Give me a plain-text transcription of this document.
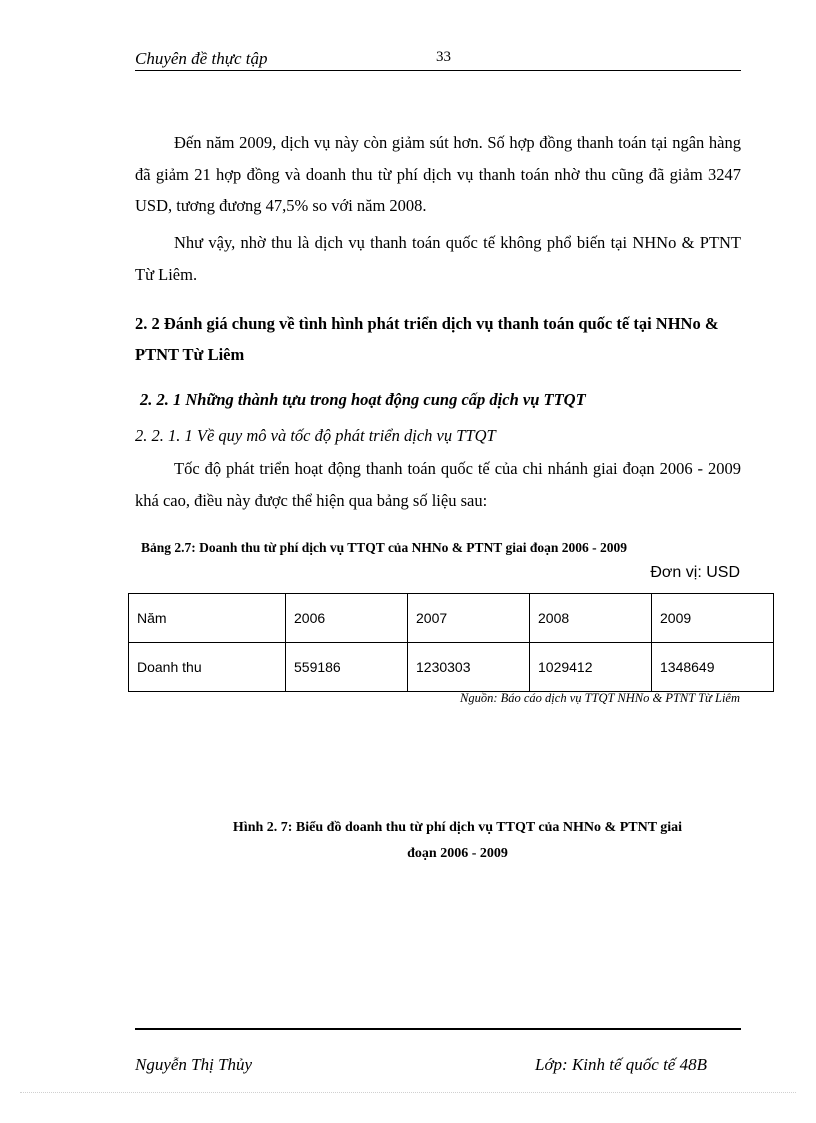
Chuyên đề thực tập	33

Đến năm 2009, dịch vụ này còn giảm sút hơn. Số hợp đồng thanh toán tại ngân hàng đã giảm 21 hợp đồng và doanh thu từ phí dịch vụ thanh toán nhờ thu cũng đã giảm 3247 USD, tương đương 47,5% so với năm 2008.

Như vậy, nhờ thu là dịch vụ thanh toán quốc tế không phổ biến tại NHNo & PTNT Từ Liêm.

2. 2 Đánh giá chung về tình hình phát triển dịch vụ thanh toán quốc tế tại NHNo & PTNT Từ Liêm
2. 2. 1 Những thành tựu trong hoạt động cung cấp dịch vụ TTQT
2. 2. 1. 1 Về quy mô và tốc độ phát triển dịch vụ TTQT

Tốc độ phát triển hoạt động thanh toán quốc tế của chi nhánh giai đoạn 2006 - 2009 khá cao, điều này được thể hiện qua bảng số liệu sau:

Bảng 2.7: Doanh thu từ phí dịch vụ TTQT của NHNo & PTNT giai đoạn 2006 - 2009
Đơn vị: USD
Năm	2006	2007	2008	2009
Doanh thu	559186	1230303	1029412	1348649
Nguồn: Báo cáo dịch vụ TTQT NHNo & PTNT Từ Liêm
Hình 2. 7: Biểu đồ doanh thu từ phí dịch vụ TTQT của NHNo & PTNT giai
đoạn 2006 - 2009
Nguyễn Thị Thủy	Lớp: Kinh tế quốc tế 48B
